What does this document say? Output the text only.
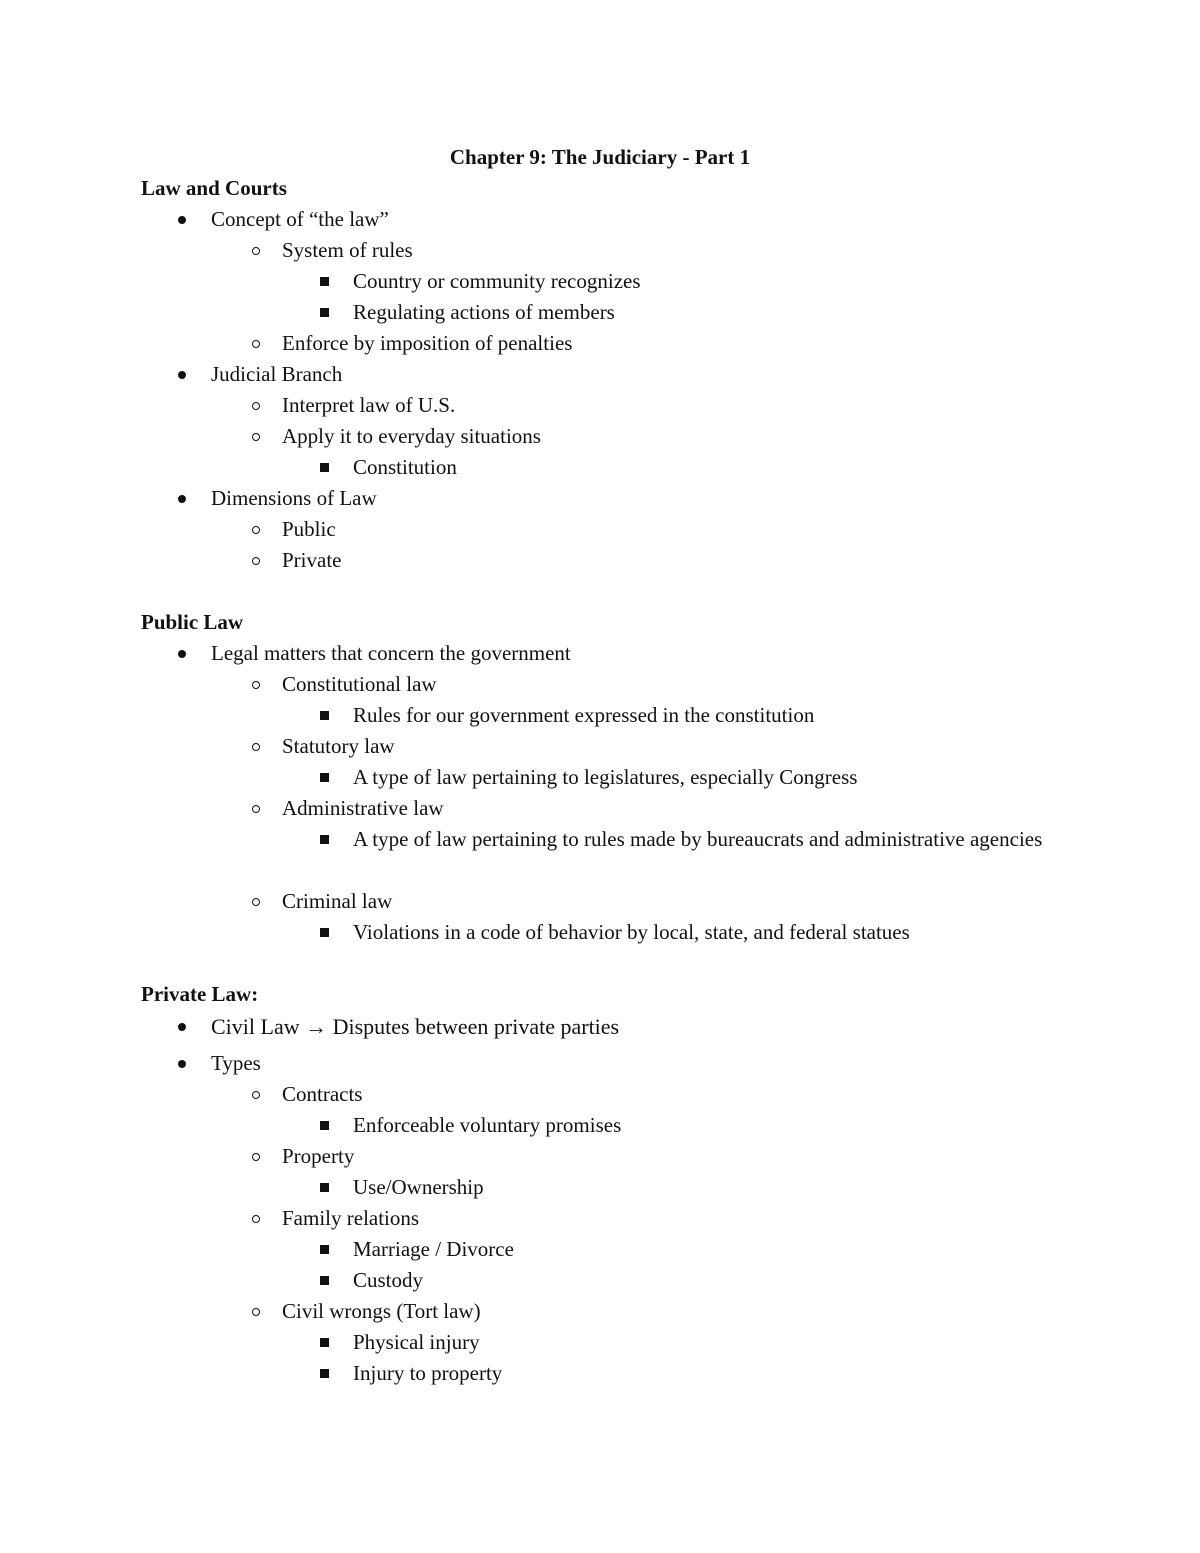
Chapter 9: The Judiciary - Part 1
Law and Courts
Concept of “the law”
System of rules
Country or community recognizes
Regulating actions of members
Enforce by imposition of penalties
Judicial Branch
Interpret law of U.S.
Apply it to everyday situations
Constitution
Dimensions of Law
Public
Private
Public Law
Legal matters that concern the government
Constitutional law
Rules for our government expressed in the constitution
Statutory law
A type of law pertaining to legislatures, especially Congress
Administrative law
A type of law pertaining to rules made by bureaucrats and administrative agencies
Criminal law
Violations in a code of behavior by local, state, and federal statues
Private Law:
Civil Law → Disputes between private parties
Types
Contracts
Enforceable voluntary promises
Property
Use/Ownership
Family relations
Marriage / Divorce
Custody
Civil wrongs (Tort law)
Physical injury
Injury to property
